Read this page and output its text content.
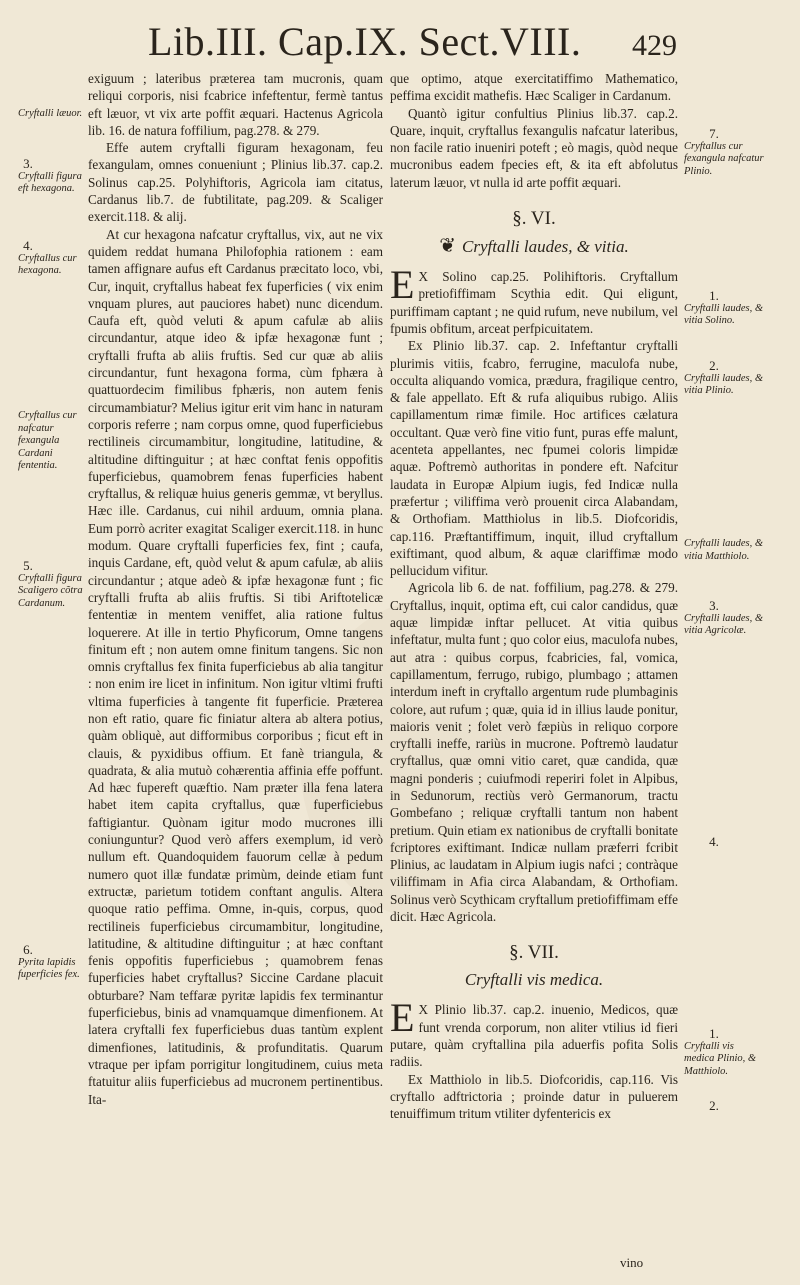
Lib.III. Cap.IX. Sect.VIII. 429

exiguum ; lateribus præterea tam mucronis, quam reliqui corporis, nisi fcabrice infeftentur, fermè tantus eft læuor, vt vix arte poffit æquari. Hactenus Agricola lib. 16. de natura foffilium, pag.278. & 279.

Effe autem cryftalli figuram hexagonam, feu fexangulam, omnes conueniunt ; Plinius lib.37. cap.2. Solinus cap.25. Polyhiftoris, Agricola iam citatus, Cardanus lib.7. de fubtilitate, pag.209. & Scaliger exercit.118. & alij.

At cur hexagona nafcatur cryftallus, vix, aut ne vix quidem reddat humana Philofophia rationem : eam tamen affignare aufus eft Cardanus præcitato loco, vbi, Cur, inquit, cryftallus habeat fex fuperficies ( vix enim vnquam plures, aut pauciores habet) nunc dicendum. Caufa eft, quòd veluti & apum cafulæ ab aliis circundantur, atque ideo & ipfæ hexagonæ funt ; cryftalli frufta ab aliis fruftis. Sed cur quæ ab aliis circundantur, funt hexagona forma, cùm fphæra à quattuordecim fimilibus fphæris, non autem fenis circumambiatur? Melius igitur erit vim hanc in naturam corporis referre ; nam corpus omne, quod fuperficiebus rectilineis circumambitur, longitudine, latitudine, & altitudine diftinguitur ; at hæc conftat fenis oppofitis fuperficiebus, quamobrem fenas fuperficies habent cryftallus, & reliquæ huius generis gemmæ, vt beryllus. Hæc ille. Cardanus, cui nihil arduum, omnia plana. Eum porrò acriter exagitat Scaliger exercit.118. in hunc modum. Quare cryftalli fuperficies fex, fint ; caufa, inquis Cardane, eft, quòd velut & apum cafulæ, ab aliis circundantur ; atque adeò & ipfæ hexagonæ funt ; fic cryftalli frufta ab aliis fruftis. Si tibi Ariftotelicæ fententiæ in mentem veniffet, alia ratione fultus loquerere. At ille in tertio Phyficorum, Omne tangens finitum eft ; non autem omne finitum tangens. Sic non omnis cryftallus fex finita fuperficiebus ab alia tangitur : non enim ire licet in infinitum. Non igitur vltimi frufti vltima fuperficies à tangente fit fuperficie. Præterea non eft ratio, quare fic finiatur altera ab altera potius, quàm obliquè, aut difformibus corporibus ; ficut eft in clauis, & pyxidibus offium. Et fanè triangula, & quadrata, & alia mutuò cohærentia affinia effe poffunt. Ad hæc fupereft quæftio. Nam præter illa fena latera habet item capita cryftallus, quæ fuperficiebus faftigiantur. Quònam igitur modo mucrones illi coniunguntur? Quod verò affers exemplum, id verò nullum eft. Quandoquidem fauorum cellæ à pedum numero quot illæ fundatæ primùm, deinde etiam funt extructæ, parietum totidem conftant angulis. Altera quoque ratio peffima. Omne, in-quis, corpus, quod rectilineis fuperficiebus circumambitur, longitudine, latitudine, & altitudine diftinguitur ; at hæc conftant fenis oppofitis fuperficiebus ; quamobrem fenas fuperficies habet cryftallus? Siccine Cardane placuit obturbare? Nam teffaræ pyritæ lapidis fex terminantur fuperficiebus, binis ad vnamquamque dimenfionem. At latera cryftalli fex fuperficiebus duas tantùm explent dimenfiones, latitudinis, & profunditatis. Quarum vtraque per ipfam porrigitur longitudinem, cuius meta ftatuitur aliis fuperficiebus ad mucronem pertinentibus. Ita-

que optimo, atque exercitatiffimo Mathematico, peffima excidit mathefis. Hæc Scaliger in Cardanum.

Quantò igitur confultius Plinius lib.37. cap.2. Quare, inquit, cryftallus fexangulis nafcatur lateribus, non facile ratio inueniri poteft ; eò magis, quòd neque mucronibus eadem fpecies eft, & ita eft abfolutus laterum læuor, vt nulla id arte poffit æquari.

§. VI.

❦ Cryftalli laudes, & vitia.

EX Solino cap.25. Polihiftoris. Cryftallum pretiofiffimam Scythia edit. Qui eligunt, puriffimam captant ; ne quid rufum, neve nubilum, vel fpumis obfitum, arceat perfpicuitatem.

Ex Plinio lib.37. cap. 2. Infeftantur cryftalli plurimis vitiis, fcabro, ferrugine, maculofa nube, occulta aliquando vomica, prædura, fragilique centro, & fale appellato. Eft & rufa aliquibus rubigo. Aliis capillamentum rimæ fimile. Hoc artifices cælatura occultant. Quæ verò fine vitio funt, puras effe malunt, acenteta appellantes, nec fpumei coloris limpidæ aquæ. Poftremò authoritas in pondere eft. Nafcitur laudata in Europæ Alpium iugis, fed Indicæ nulla præfertur ; viliffima verò prouenit circa Alabandam, & Orthofiam. Matthiolus in lib.5. Diofcoridis, cap.116. Præftantiffimum, inquit, illud cryftallum exiftimant, quod album, & aquæ clariffimæ modo pellucidum vifitur.

Agricola lib 6. de nat. foffilium, pag.278. & 279. Cryftallus, inquit, optima eft, cui calor candidus, quæ aquæ limpidæ inftar pellucet. At vitia quibus infeftatur, multa funt ; quo color eius, maculofa nubes, aut atra : quibus corpus, fcabricies, fal, vomica, capillamentum, ferrugo, rubigo, plumbago ; attamen interdum ineft in cryftallo argentum rude plumbaginis colore, aut rufum ; quæ, quia id in illius laude ponitur, maioris venit ; folet verò fæpiùs in reliquo corpore cryftalli ineffe, rariùs in mucrone. Poftremò laudatur cryftallus, quæ omni vitio caret, quæ candida, quæ magni ponderis ; cuiufmodi reperiri folet in Alpibus, in Sedunorum, rectiùs verò Germanorum, tractu Gombefano ; reliquæ cryftalli tantum non habent pretium. Quin etiam ex nationibus de cryftalli bonitate fcriptores exiftimant. Indicæ nullam præferri fcribit Plinius, ac laudatam in Alpium iugis nafci ; contràque viliffimam in Afia circa Alabandam, & Orthofiam. Solinus verò Scythicam cryftallum pretiofiffimam effe dicit. Hæc Agricola.

§. VII.

Cryftalli vis medica.

EX Plinio lib.37. cap.2. inuenio, Medicos, quæ funt vrenda corporum, non aliter vtilius id fieri putare, quàm cryftallina pila aduerfis pofita Solis radiis.

Ex Matthiolo in lib.5. Diofcoridis, cap.116. Vis cryftallo adftrictoria ; proinde datur in puluerem tenuiffimum tritum vtiliter dyfentericis ex

vino
Cryftalli læuor.
3.
Cryftalli figura eft hexagona.
4.
Cryftallus cur hexagona.
Cryftallus cur nafcatur fexangula Cardani fententia.
5.
Cryftalli figura Scaligero cõtra Cardanum.
6.
Pyrita lapidis fuperficies fex.
7.
Cryftallus cur fexangula nafcatur Plinio.
1.
Cryftalli laudes, & vitia Solino.
2.
Cryftalli laudes, & vitia Plinio.
Cryftalli laudes, & vitia Matthiolo.
3.
Cryftalli laudes, & vitia Agricolæ.
4.
1.
Cryftalli vis medica Plinio, & Matthiolo.
2.
